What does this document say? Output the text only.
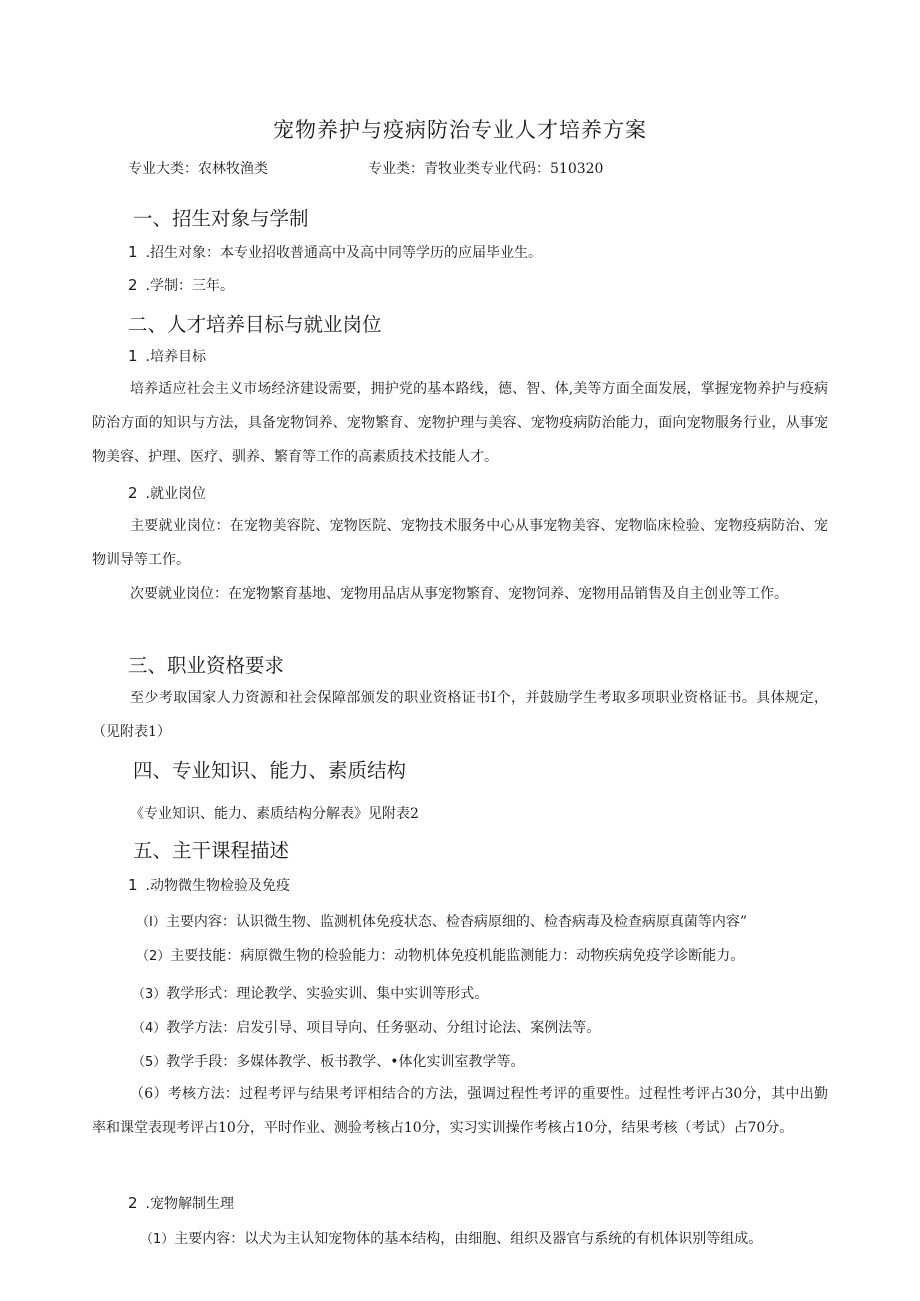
宠物养护与疫病防治专业人才培养方案
专业大类：农林牧渔类	专业类：青牧业类专业代码：510320
一、招生对象与学制
1 .招生对象：本专业招收普通高中及高中同等学历的应届毕业生。
2 .学制：三年。
二、人才培养目标与就业岗位
1 .培养目标
培养适应社会主义市场经济建设需要，拥护党的基本路线，德、智、体,美等方面全面发展，掌握宠物养护与疫病防治方面的知识与方法，具备宠物饲养、宠物繁育、宠物护理与美容、宠物疫病防治能力，面向宠物服务行业，从事宠物美容、护理、医疗、驯养、繁育等工作的高素质技术技能人才。
2 .就业岗位
主要就业岗位：在宠物美容院、宠物医院、宠物技术服务中心从事宠物美容、宠物临床检验、宠物疫病防治、宠物训导等工作。
次要就业岗位：在宠物繁育基地、宠物用品店从事宠物繁育、宠物饲养、宠物用品销售及自主创业等工作。
三、职业资格要求
至少考取国家人力资源和社会保障部颁发的职业资格证书I个，并鼓励学生考取多项职业资格证书。具体规定，（见附表1）
四、专业知识、能力、素质结构
《专业知识、能力、素质结构分解表》见附表2
五、主干课程描述
1 .动物微生物检验及免疫
（I）主要内容：认识微生物、监测机体免疫状态、检杳病原细的、检杳病毒及检查病原真菌等内容”
（2）主要技能：病原微生物的检验能力：动物机体免疫机能监测能力：动物疾病免疫学诊断能力。
（3）教学形式：理论教学、实验实训、集中实训等形式。
（4）教学方法：启发引导、项目导向、任务驱动、分组讨论法、案例法等。
（5）教学手段：多媒体教学、板书教学、•体化实训室教学等。
（6）考核方法：过程考评与结果考评相结合的方法，强调过程性考评的重要性。过程性考评占30分，其中出勤率和课堂表现考评占10分，平时作业、测验考核占10分，实习实训操作考核占10分，结果考核（考试）占70分。
2 .宠物解制生理
（1）主要内容：以犬为主认知宠物体的基本结构，由细胞、组织及器官与系统的有机体识别等组成。
